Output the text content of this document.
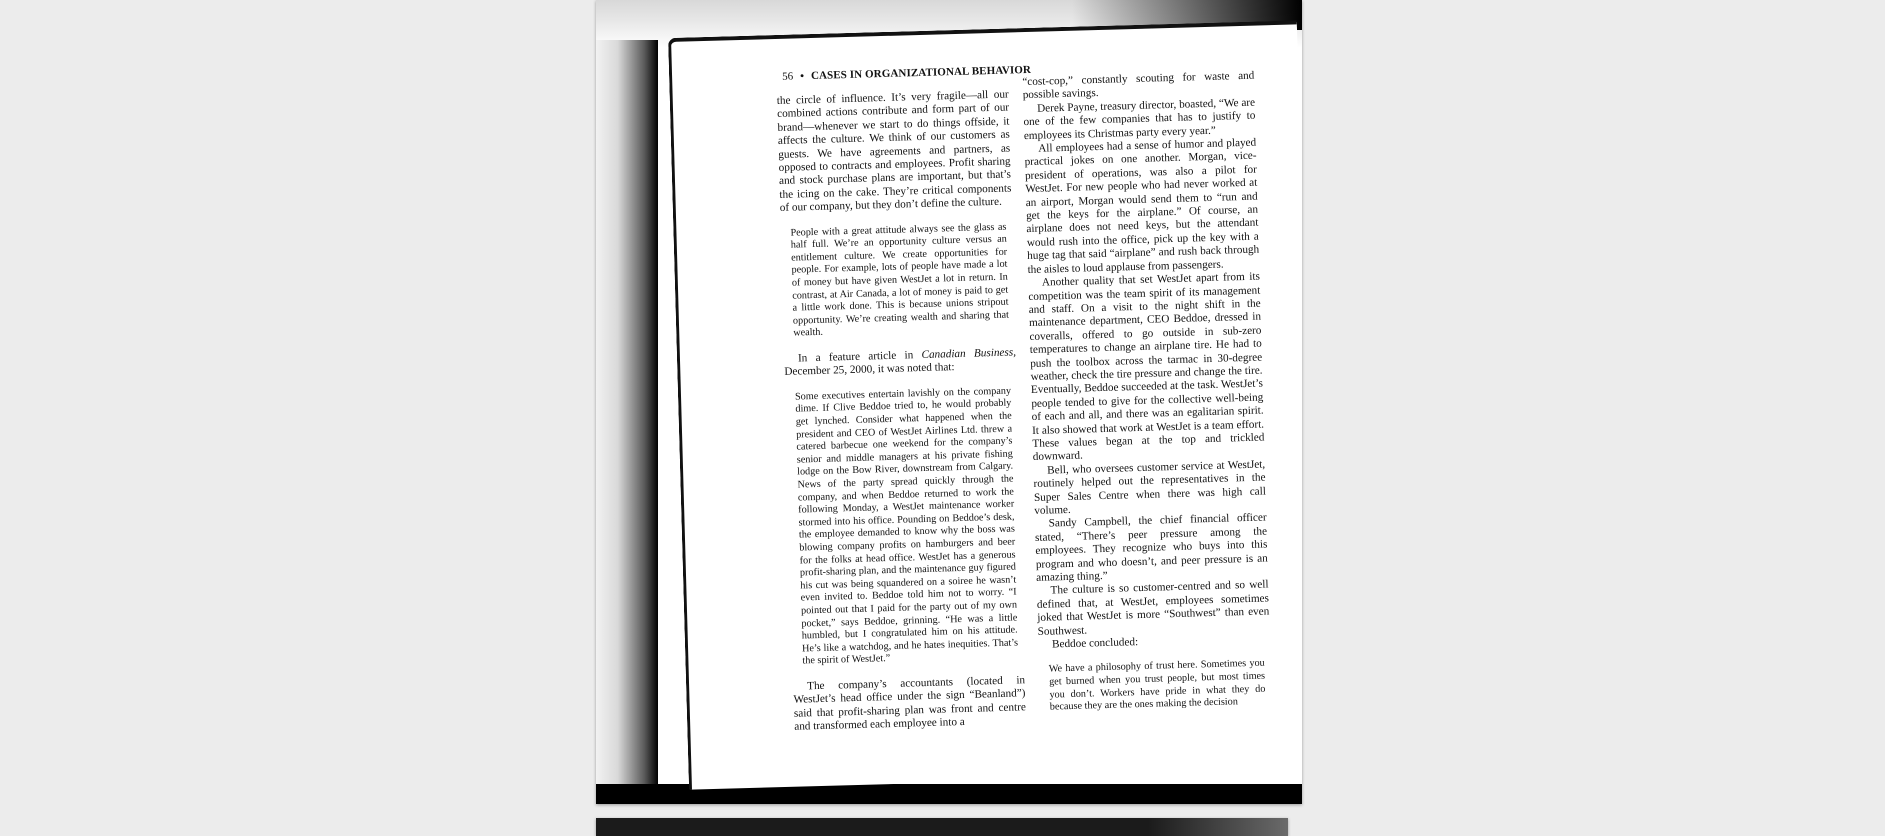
56 • CASES IN ORGANIZATIONAL BEHAVIOR

the circle of influence. It’s very fragile—all our combined actions contribute and form part of our brand—whenever we start to do things offside, it affects the culture. We think of our customers as guests. We have agreements and partners, as opposed to contracts and employees. Profit sharing and stock purchase plans are important, but that’s the icing on the cake. They’re critical components of our company, but they don’t define the culture.

People with a great attitude always see the glass as half full. We’re an opportunity culture versus an entitlement culture. We create opportunities for people. For example, lots of people have made a lot of money but have given WestJet a lot in return. In contrast, at Air Canada, a lot of money is paid to get a little work done. This is because unions stripout opportunity. We’re creating wealth and sharing that wealth.

In a feature article in Canadian Business, December 25, 2000, it was noted that:

Some executives entertain lavishly on the company dime. If Clive Beddoe tried to, he would probably get lynched. Consider what happened when the president and CEO of WestJet Airlines Ltd. threw a catered barbecue one weekend for the company’s senior and middle managers at his private fishing lodge on the Bow River, downstream from Calgary. News of the party spread quickly through the company, and when Beddoe returned to work the following Monday, a WestJet maintenance worker stormed into his office. Pounding on Beddoe’s desk, the employee demanded to know why the boss was blowing company profits on hamburgers and beer for the folks at head office. WestJet has a generous profit-sharing plan, and the maintenance guy figured his cut was being squandered on a soiree he wasn’t even invited to. Beddoe told him not to worry. “I pointed out that I paid for the party out of my own pocket,” says Beddoe, grinning. “He was a little humbled, but I congratulated him on his attitude. He’s like a watchdog, and he hates inequities. That’s the spirit of WestJet.”

The company’s accountants (located in WestJet’s head office under the sign “Beanland”) said that profit-sharing plan was front and centre and transformed each employee into a

“cost-cop,” constantly scouting for waste and possible savings.

Derek Payne, treasury director, boasted, “We are one of the few companies that has to justify to employees its Christmas party every year.”

All employees had a sense of humor and played practical jokes on one another. Morgan, vice-president of operations, was also a pilot for WestJet. For new people who had never worked at an airport, Morgan would send them to “run and get the keys for the airplane.” Of course, an airplane does not need keys, but the attendant would rush into the office, pick up the key with a huge tag that said “airplane” and rush back through the aisles to loud applause from passengers.

Another quality that set WestJet apart from its competition was the team spirit of its management and staff. On a visit to the night shift in the maintenance department, CEO Beddoe, dressed in coveralls, offered to go outside in sub-zero temperatures to change an airplane tire. He had to push the toolbox across the tarmac in 30-degree weather, check the tire pressure and change the tire. Eventually, Beddoe succeeded at the task. WestJet’s people tended to give for the collective well-being of each and all, and there was an egalitarian spirit. It also showed that work at WestJet is a team effort. These values began at the top and trickled downward.

Bell, who oversees customer service at WestJet, routinely helped out the representatives in the Super Sales Centre when there was high call volume.

Sandy Campbell, the chief financial officer stated, “There’s peer pressure among the employees. They recognize who buys into this program and who doesn’t, and peer pressure is an amazing thing.”

The culture is so customer-centred and so well defined that, at WestJet, employees sometimes joked that WestJet is more “Southwest” than even Southwest.

Beddoe concluded:

We have a philosophy of trust here. Sometimes you get burned when you trust people, but most times you don’t. Workers have pride in what they do because they are the ones making the decision
